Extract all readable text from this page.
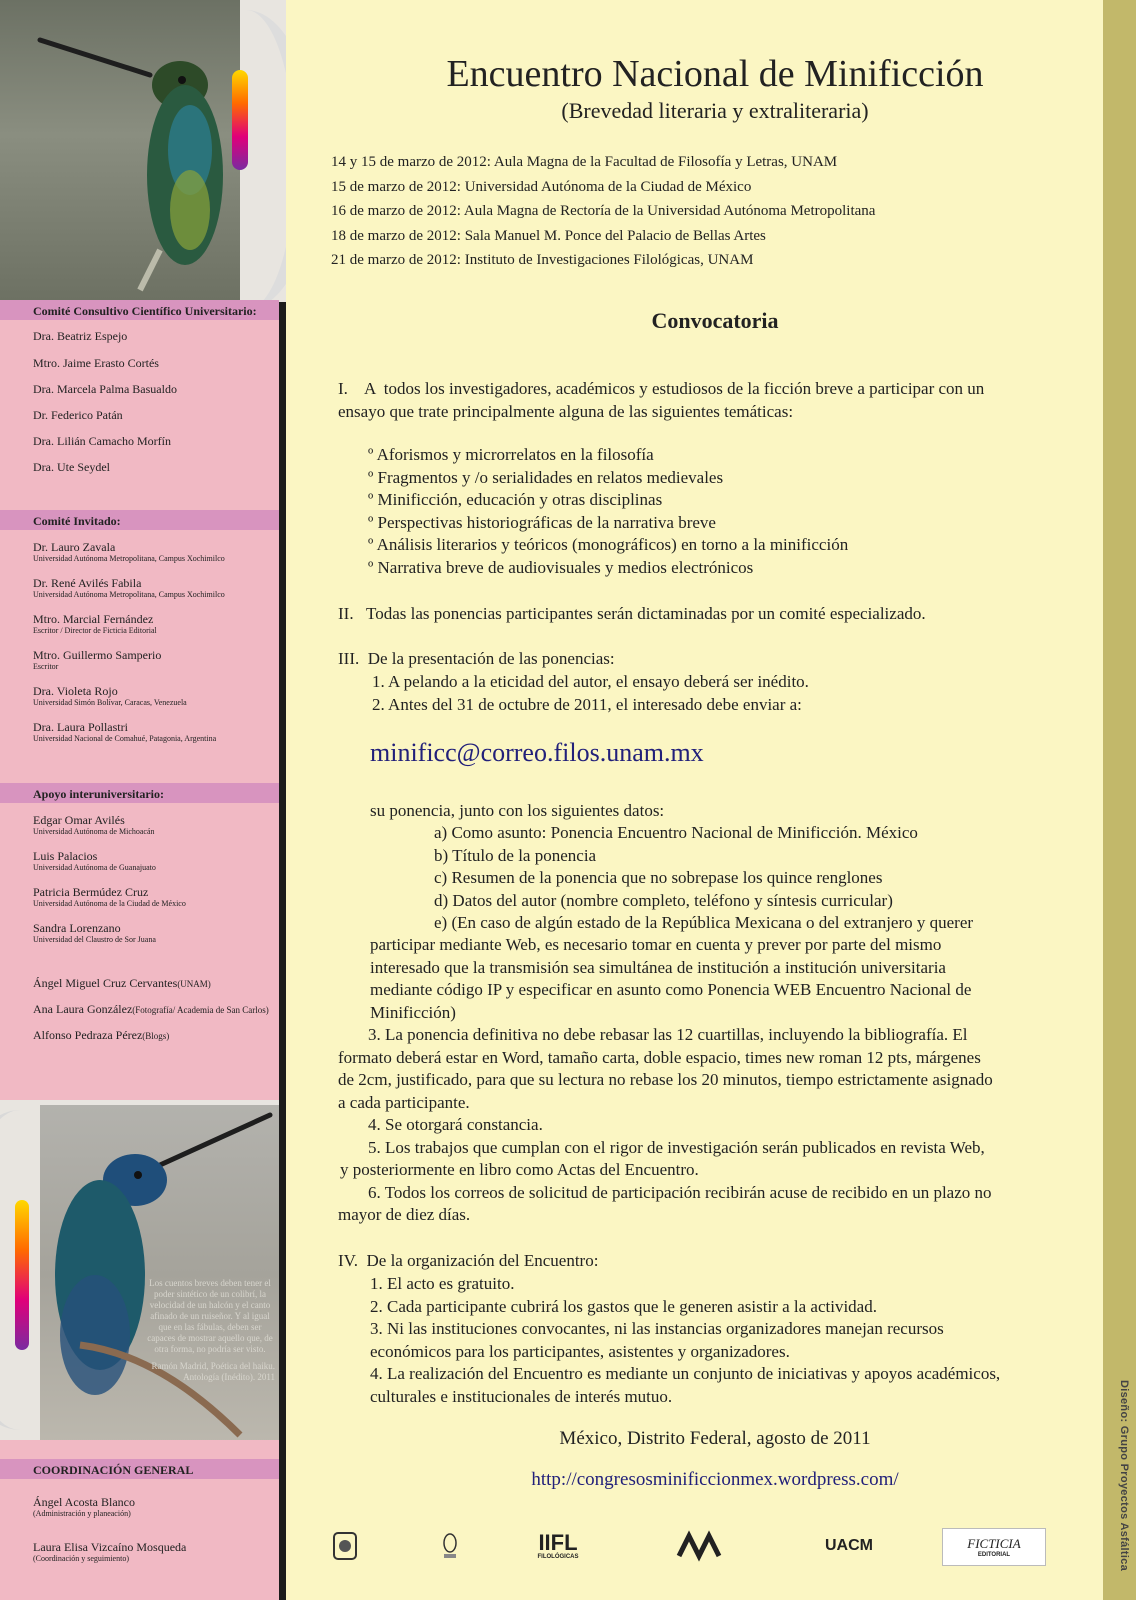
Comité Consultivo Científico Universitario:
Dra. Beatriz Espejo
Mtro. Jaime Erasto Cortés
Dra. Marcela Palma Basualdo
Dr. Federico Patán
Dra. Lilián Camacho Morfín
Dra. Ute Seydel
Comité Invitado:
Dr. Lauro Zavala
Universidad Autónoma Metropolitana, Campus Xochimilco
Dr. René Avilés Fabila
Universidad Autónoma Metropolitana, Campus Xochimilco
Mtro. Marcial Fernández
Escritor / Director de Ficticia Editorial
Mtro. Guillermo Samperio
Escritor
Dra. Violeta Rojo
Universidad Simón Bolívar, Caracas, Venezuela
Dra. Laura Pollastri
Universidad Nacional de Comahué, Patagonia, Argentina
Apoyo interuniversitario:
Edgar Omar Avilés
Universidad Autónoma de Michoacán
Luis Palacios
Universidad Autónoma de Guanajuato
Patricia Bermúdez Cruz
Universidad Autónoma de la Ciudad de México
Sandra Lorenzano
Universidad del Claustro de Sor Juana
Ángel Miguel Cruz Cervantes(UNAM)
Ana Laura González(Fotografía/ Academia de San Carlos)
Alfonso Pedraza Pérez(Blogs)
Los cuentos breves deben tener el poder sintético de un colibrí, la velocidad de un halcón y el canto afinado de un ruiseñor. Y al igual que en las fábulas, deben ser capaces de mostrar aquello que, de otra forma, no podría ser visto.
Ramón Madrid, Poética del haiku. Antología (Inédito). 2011
COORDINACIÓN GENERAL
Ángel Acosta Blanco
(Administración y planeación)
Laura Elisa Vizcaíno Mosqueda
(Coordinación y seguimiento)	Diseño: Grupo Proyectos Asfáltica
Encuentro Nacional de Minificción
(Brevedad literaria y extraliteraria)
14 y 15 de marzo de 2012: Aula Magna de la Facultad de Filosofía y Letras, UNAM
15 de marzo de 2012: Universidad Autónoma de la Ciudad de México
16 de marzo de 2012: Aula Magna de Rectoría de la Universidad Autónoma Metropolitana
18 de marzo de 2012: Sala Manuel M. Ponce del Palacio de Bellas Artes
21 de marzo de 2012: Instituto de Investigaciones Filológicas, UNAM
Convocatoria
I.    A  todos los investigadores, académicos y estudiosos de la ficción breve a participar con un
ensayo que trate principalmente alguna de las siguientes temáticas:
º Aforismos y microrrelatos en la filosofía
º Fragmentos y /o serialidades en relatos medievales
º Minificción, educación y otras disciplinas
º Perspectivas historiográficas de la narrativa breve
º Análisis literarios y teóricos (monográficos) en torno a la minificción
º Narrativa breve de audiovisuales y medios electrónicos
II.   Todas las ponencias participantes serán dictaminadas por un comité especializado.
III.  De la presentación de las ponencias:
1. A pelando a la eticidad del autor, el ensayo deberá ser inédito.
2. Antes del 31 de octubre de 2011, el interesado debe enviar a:
minificc@correo.filos.unam.mx
su ponencia, junto con los siguientes datos:
a) Como asunto: Ponencia Encuentro Nacional de Minificción. México
b) Título de la ponencia
c) Resumen de la ponencia que no sobrepase los quince renglones
d) Datos del autor (nombre completo, teléfono y síntesis curricular)
e) (En caso de algún estado de la República Mexicana o del extranjero y querer
participar mediante Web, es necesario tomar en cuenta y prever por parte del mismo
interesado que la transmisión sea simultánea de institución a institución universitaria
mediante código IP y especificar en asunto como Ponencia WEB Encuentro Nacional de
Minificción)
3. La ponencia definitiva no debe rebasar las 12 cuartillas, incluyendo la bibliografía. El
formato deberá estar en Word, tamaño carta, doble espacio, times new roman 12 pts, márgenes
de 2cm, justificado, para que su lectura no rebase los 20 minutos, tiempo estrictamente asignado
a cada participante.
4. Se otorgará constancia.
5. Los trabajos que cumplan con el rigor de investigación serán publicados en revista Web,
y posteriormente en libro como Actas del Encuentro.
6. Todos los correos de solicitud de participación recibirán acuse de recibido en un plazo no
mayor de diez días.
IV.  De la organización del Encuentro:
1. El acto es gratuito.
2. Cada participante cubrirá los gastos que le generen asistir a la actividad.
3. Ni las instituciones convocantes, ni las instancias organizadores manejan recursos
económicos para los participantes, asistentes y organizadores.
4. La realización del Encuentro es mediante un conjunto de iniciativas y apoyos académicos,
culturales e institucionales de interés mutuo.
México, Distrito Federal, agosto de 2011
http://congresosminificcionmex.wordpress.com/
IIFL
FILOLÓGICAS
UACM	FICTICIA
EDITORIAL
